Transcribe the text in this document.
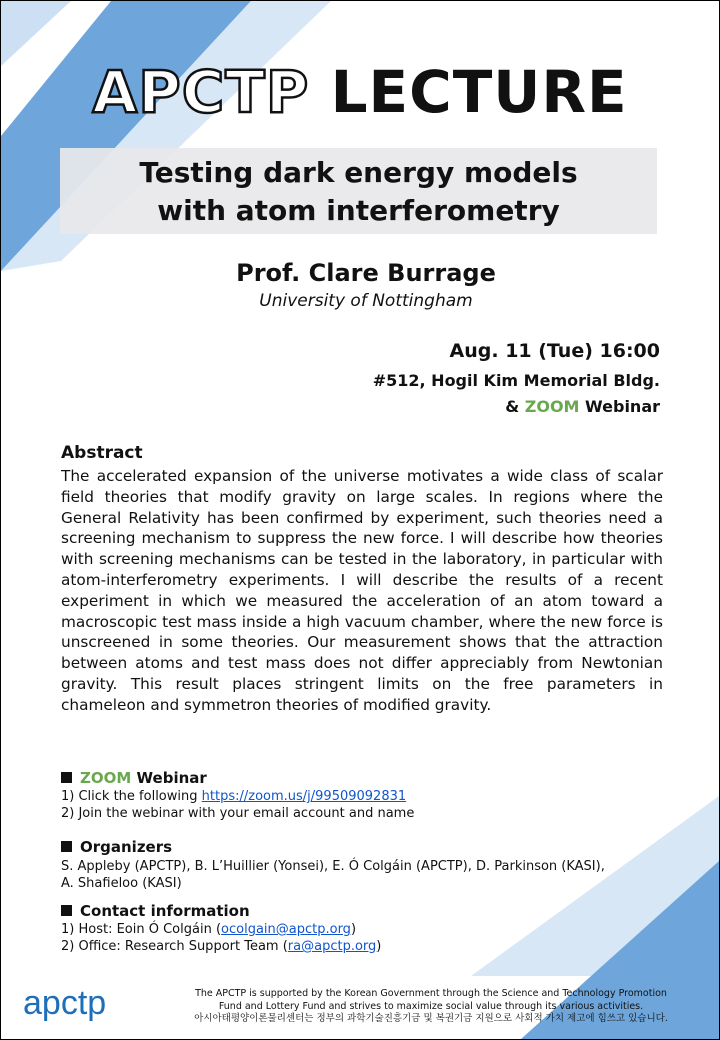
APCTP LECTURE
Testing dark energy models
with atom interferometry
Prof. Clare Burrage
University of Nottingham
Aug. 11 (Tue) 16:00
#512, Hogil Kim Memorial Bldg.
& ZOOM Webinar
Abstract
The accelerated expansion of the universe motivates a wide class of scalar field theories that modify gravity on large scales. In regions where the General Relativity has been confirmed by experiment, such theories need a screening mechanism to suppress the new force. I will describe how theories with screening mechanisms can be tested in the laboratory, in particular with atom-interferometry experiments. I will describe the results of a recent experiment in which we measured the acceleration of an atom toward a macroscopic test mass inside a high vacuum chamber, where the new force is unscreened in some theories. Our measurement shows that the attraction between atoms and test mass does not differ appreciably from Newtonian gravity. This result places stringent limits on the free parameters in chameleon and symmetron theories of modified gravity.
ZOOM Webinar
1) Click the following https://zoom.us/j/99509092831
2) Join the webinar with your email account and name
Organizers
S. Appleby (APCTP), B. L’Huillier (Yonsei), E. Ó Colgáin (APCTP), D. Parkinson (KASI),
A. Shafieloo (KASI)
Contact information
1) Host: Eoin Ó Colgáin (ocolgain@apctp.org)
2) Office: Research Support Team (ra@apctp.org)
apctp	The APCTP is supported by the Korean Government through the Science and Technology Promotion
Fund and Lottery Fund and strives to maximize social value through its various activities.
아시아태평양이론물리센터는 정부의 과학기술진흥기금 및 복권기금 지원으로 사회적 가치 제고에 힘쓰고 있습니다.
